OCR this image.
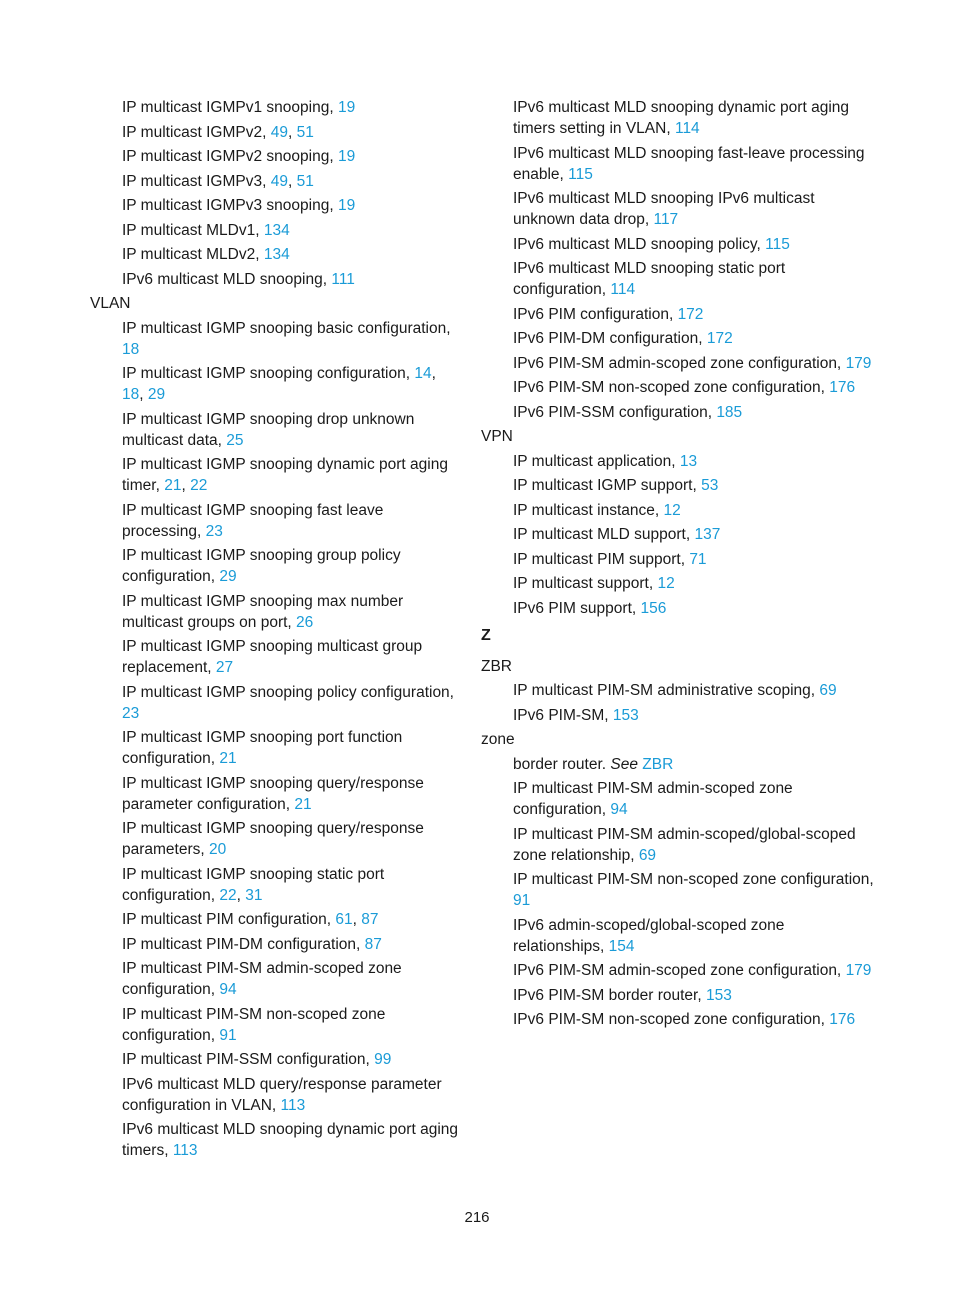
IP multicast IGMPv1 snooping, 19
IP multicast IGMPv2, 49, 51
IP multicast IGMPv2 snooping, 19
IP multicast IGMPv3, 49, 51
IP multicast IGMPv3 snooping, 19
IP multicast MLDv1, 134
IP multicast MLDv2, 134
IPv6 multicast MLD snooping, 111
VLAN
IP multicast IGMP snooping basic configuration, 18
IP multicast IGMP snooping configuration, 14, 18, 29
IP multicast IGMP snooping drop unknown multicast data, 25
IP multicast IGMP snooping dynamic port aging timer, 21, 22
IP multicast IGMP snooping fast leave processing, 23
IP multicast IGMP snooping group policy configuration, 29
IP multicast IGMP snooping max number multicast groups on port, 26
IP multicast IGMP snooping multicast group replacement, 27
IP multicast IGMP snooping policy configuration, 23
IP multicast IGMP snooping port function configuration, 21
IP multicast IGMP snooping query/response parameter configuration, 21
IP multicast IGMP snooping query/response parameters, 20
IP multicast IGMP snooping static port configuration, 22, 31
IP multicast PIM configuration, 61, 87
IP multicast PIM-DM configuration, 87
IP multicast PIM-SM admin-scoped zone configuration, 94
IP multicast PIM-SM non-scoped zone configuration, 91
IP multicast PIM-SSM configuration, 99
IPv6 multicast MLD query/response parameter configuration in VLAN, 113
IPv6 multicast MLD snooping dynamic port aging timers, 113
IPv6 multicast MLD snooping dynamic port aging timers setting in VLAN, 114
IPv6 multicast MLD snooping fast-leave processing enable, 115
IPv6 multicast MLD snooping IPv6 multicast unknown data drop, 117
IPv6 multicast MLD snooping policy, 115
IPv6 multicast MLD snooping static port configuration, 114
IPv6 PIM configuration, 172
IPv6 PIM-DM configuration, 172
IPv6 PIM-SM admin-scoped zone configuration, 179
IPv6 PIM-SM non-scoped zone configuration, 176
IPv6 PIM-SSM configuration, 185
VPN
IP multicast application, 13
IP multicast IGMP support, 53
IP multicast instance, 12
IP multicast MLD support, 137
IP multicast PIM support, 71
IP multicast support, 12
IPv6 PIM support, 156
Z
ZBR
IP multicast PIM-SM administrative scoping, 69
IPv6 PIM-SM, 153
zone
border router. See ZBR
IP multicast PIM-SM admin-scoped zone configuration, 94
IP multicast PIM-SM admin-scoped/global-scoped zone relationship, 69
IP multicast PIM-SM non-scoped zone configuration, 91
IPv6 admin-scoped/global-scoped zone relationships, 154
IPv6 PIM-SM admin-scoped zone configuration, 179
IPv6 PIM-SM border router, 153
IPv6 PIM-SM non-scoped zone configuration, 176
216
